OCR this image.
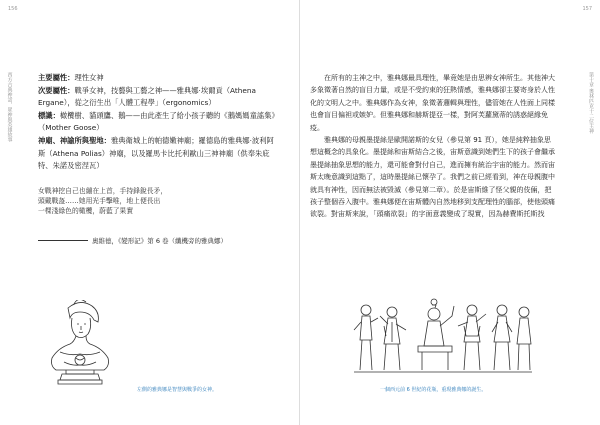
156	157
西方古典神話，眾神與英雄故事	第十章 奧林匹克十二位主神

主要屬性：理性女神

次要屬性：戰爭女神，技藝與工藝之神——雅典娜‧埃爾貢（Athena Ergane），從之衍生出「人體工程學」（ergonomics）

標識：橄欖樹、貓頭鷹、鵝——由此產生了給小孩子聽的《鵝媽媽童謠集》（Mother Goose）

神廟、神諭所與聖地：雅典衛城上的帕德嫩神廟；羅德島的雅典娜‧波利阿斯（Athena Polias）神廟，以及羅馬卡比托利歐山三神神廟（供奉朱庇特、朱諾及密涅瓦）

女戰神挖自己也繃在上首，手持鋒銳長矛，
頭戴戰盔……她用光手擊唯，地上便長出
一棵淺綠色的橄欖，蔚藍了果實
奧維德，《變形記》第 6 卷（纖機旁的雅典娜）
左側的雅典娜是智慧與戰爭的女神。

在所有的主神之中，雅典娜最具理性，畢竟她是由思辨女神所生。其他神大多象徵著自然的盲目力量，或是不受約束的狂熱情感，雅典娜卻主要寄身於人性化的文明人之中。雅典娜作為女神，象徵著邏輯與理性，儘管她在人性面上同樣也會盲目偏袒或嫉妒。但雅典娜和赫斯提亞一樣，對阿芙蘿黛蒂的誘惑絕緣免疫。

雅典娜的母親墨提絲是歐開諾斯的女兒（參見第 91 頁），她是純粹抽象思想這概念的具象化。墨提絲和宙斯結合之後，宙斯意識到她們生下的孩子會繼承墨提絲抽象思想的能力，還可能會對付自己，進而擁有統治宇宙的能力。然而宙斯太晚意識到這點了，這時墨提絲已懷孕了。我們之前已經看到，神在母親腹中就具有神性，因而無法被毀滅（參見第二章）。於是宙斯維了怪父親的伎倆，把孩子整個吞入腹中。雅典娜便在宙斯體內自然地移到支配理性的腦部，使他頭痛欲裂。對宙斯來說，「頭痛欲裂」的字面意義變成了現實，因為赫費斯托斯找

一個西元前 6 世紀的花瓶，重現雅典娜的誕生。
